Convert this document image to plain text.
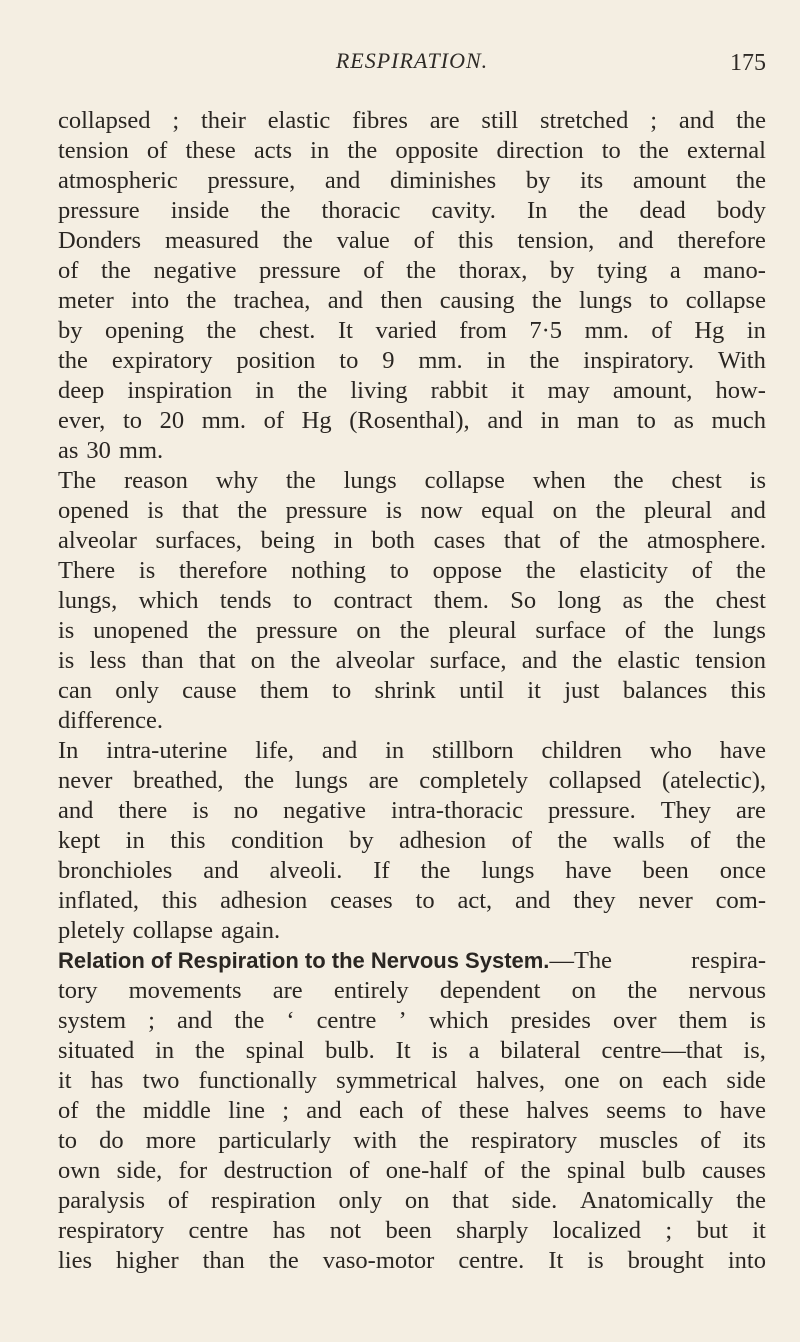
RESPIRATION.	175
collapsed ; their elastic fibres are still stretched ; and the
tension of these acts in the opposite direction to the external
atmospheric pressure, and diminishes by its amount the
pressure inside the thoracic cavity. In the dead body
Donders measured the value of this tension, and therefore
of the negative pressure of the thorax, by tying a mano-
meter into the trachea, and then causing the lungs to collapse
by opening the chest. It varied from 7·5 mm. of Hg in
the expiratory position to 9 mm. in the inspiratory. With
deep inspiration in the living rabbit it may amount, how-
ever, to 20 mm. of Hg (Rosenthal), and in man to as much
as 30 mm.
The reason why the lungs collapse when the chest is
opened is that the pressure is now equal on the pleural and
alveolar surfaces, being in both cases that of the atmosphere.
There is therefore nothing to oppose the elasticity of the
lungs, which tends to contract them. So long as the chest
is unopened the pressure on the pleural surface of the lungs
is less than that on the alveolar surface, and the elastic tension
can only cause them to shrink until it just balances this
difference.
In intra-uterine life, and in stillborn children who have
never breathed, the lungs are completely collapsed (atelectic),
and there is no negative intra-thoracic pressure. They are
kept in this condition by adhesion of the walls of the
bronchioles and alveoli. If the lungs have been once
inflated, this adhesion ceases to act, and they never com-
pletely collapse again.
Relation of Respiration to the Nervous System.—The	respira-
tory movements are entirely dependent on the nervous
system ; and the ‘ centre ’ which presides over them is
situated in the spinal bulb. It is a bilateral centre—that is,
it has two functionally symmetrical halves, one on each side
of the middle line ; and each of these halves seems to have
to do more particularly with the respiratory muscles of its
own side, for destruction of one-half of the spinal bulb causes
paralysis of respiration only on that side. Anatomically the
respiratory centre has not been sharply localized ; but it
lies higher than the vaso-motor centre. It is brought into
